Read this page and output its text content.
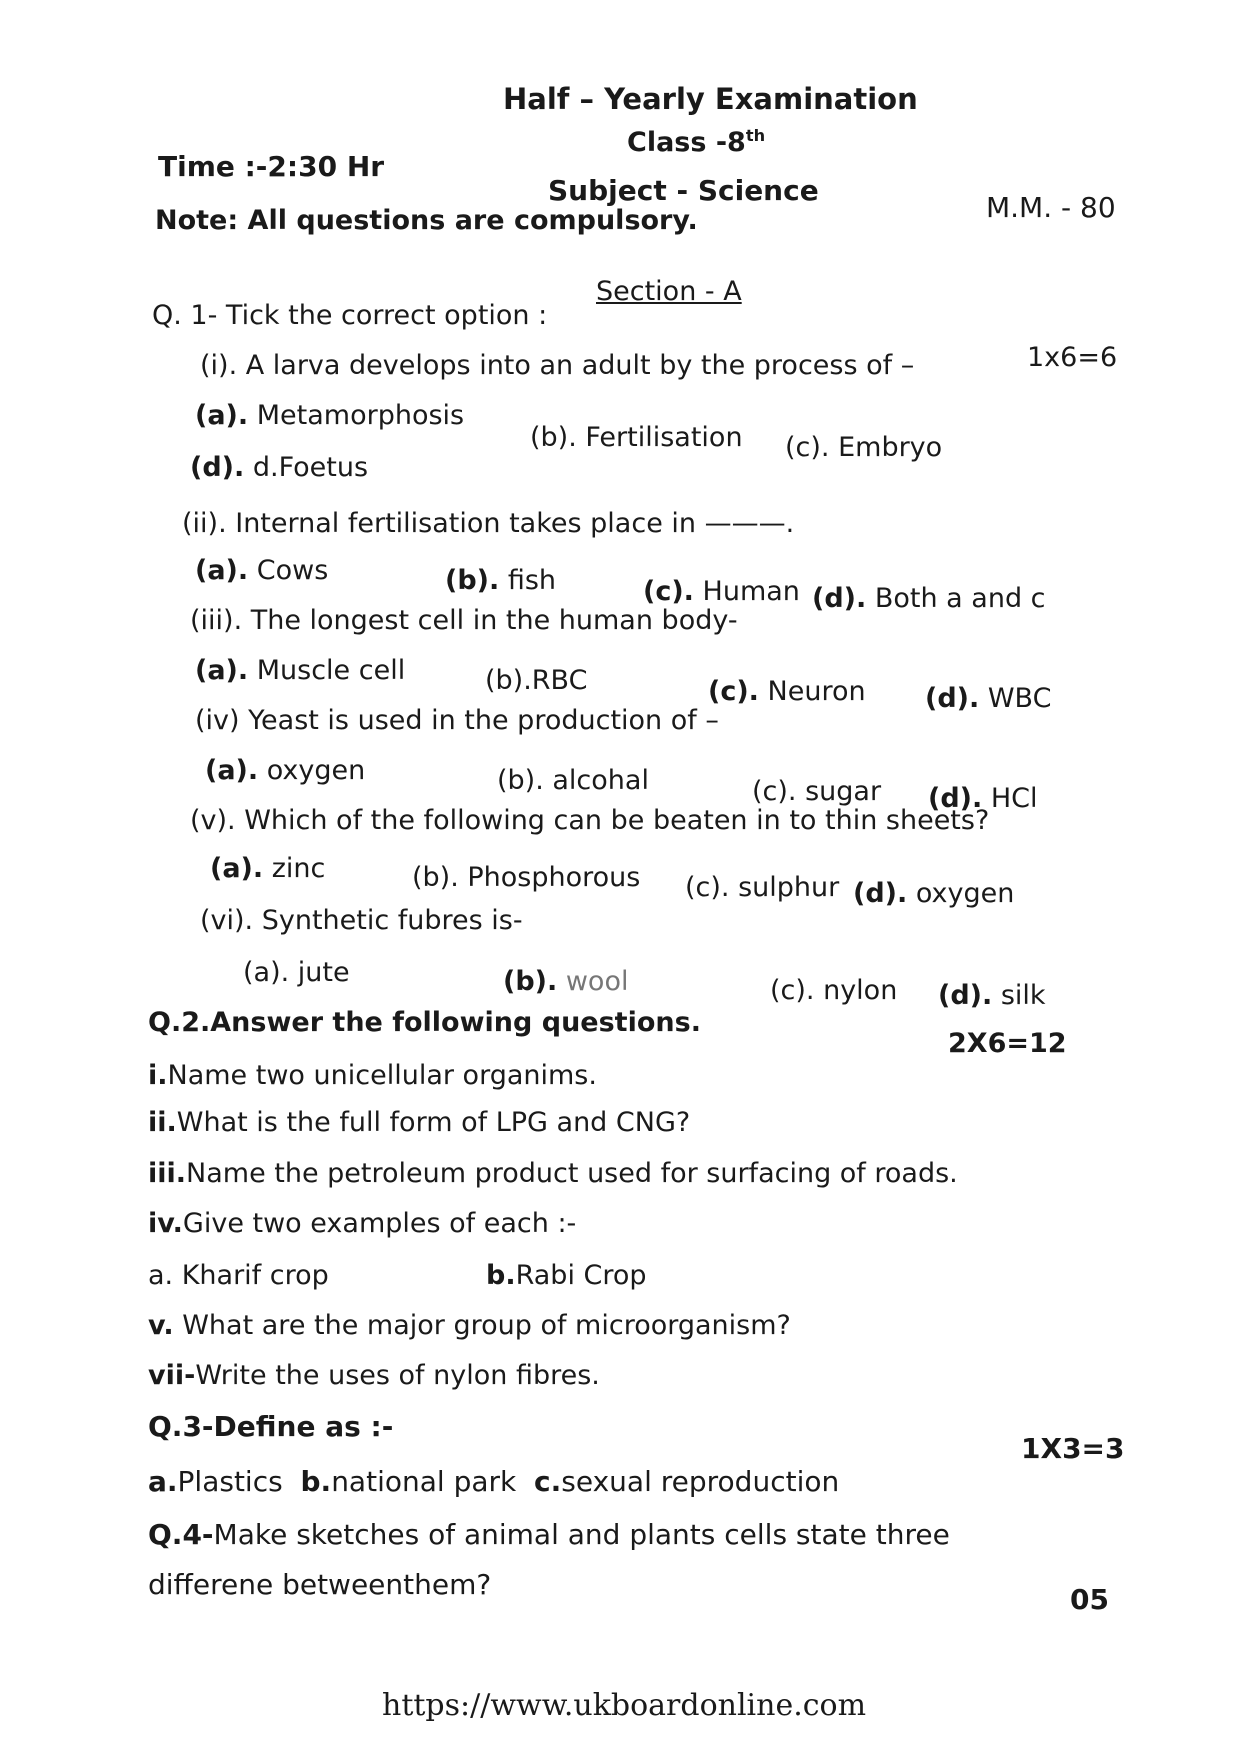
Half – Yearly Examination
Class -8th
Time :-2:30 Hr
Subject - Science
M.M. - 80
Note: All questions are compulsory.
Section - A
Q. 1- Tick the correct option :
1x6=6
(i). A larva develops into an adult by the process of –
(a). Metamorphosis
(b). Fertilisation (c). Embryo
(d). d.Foetus
(ii). Internal fertilisation takes place in ———.
(a). Cows	(b). fish	(c). Human (d). Both a and c
(iii). The longest cell in the human body-
(a). Muscle cell	(b).RBC	(c). Neuron (d). WBC
(iv) Yeast is used in the production of –
(a). oxygen	(b). alcohal	(c). sugar (d). HCl
(v). Which of the following can be beaten in to thin sheets?
(a). zinc	(b). Phosphorous (c). sulphur (d). oxygen
(vi). Synthetic fubres is-
(a). jute	(b). wool	(c). nylon (d). silk
Q.2.Answer the following questions.
2X6=12
i.Name two unicellular organims.
ii.What is the full form of LPG and CNG?
iii.Name the petroleum product used for surfacing of roads.
iv.Give two examples of each :-
a. Kharif crop	b.Rabi Crop
v. What are the major group of microorganism?
vii-Write the uses of nylon fibres.
Q.3-Define as :-
1X3=3
a.Plastics b.national park c.sexual reproduction
Q.4-Make sketches of animal and plants cells state three
differene betweenthem?	05
https://www.ukboardonline.com
